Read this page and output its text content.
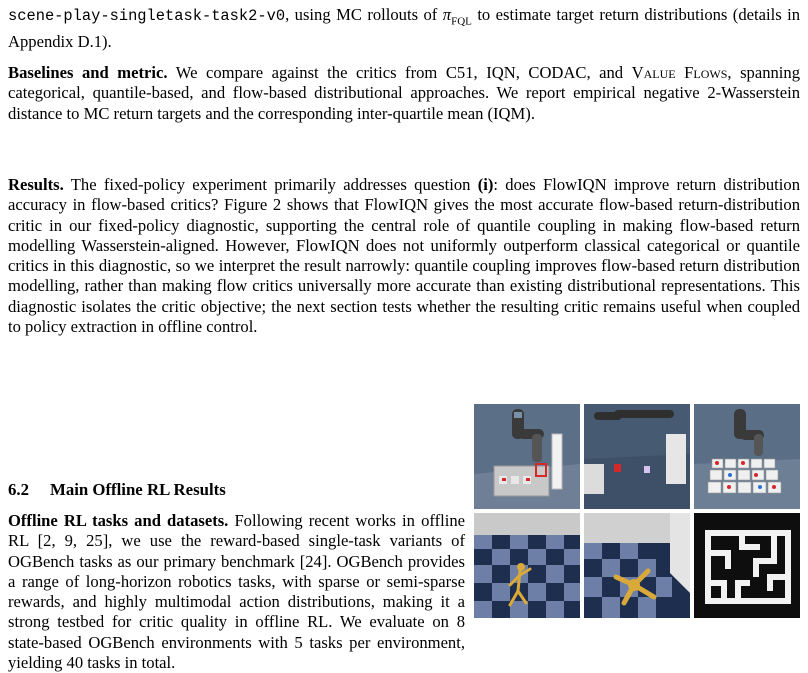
scene-play-singletask-task2-v0, using MC rollouts of $\pi_{FQL}$ to estimate target return distributions (details in Appendix D.1).

Baselines and metric. We compare against the critics from C51, IQN, CODAC, and Value Flows, spanning categorical, quantile-based, and flow-based distributional approaches. We report empirical negative 2-Wasserstein distance to MC return targets and the corresponding inter-quartile mean (IQM).

Results. The fixed-policy experiment primarily addresses question (i): does FlowIQN improve return distribution accuracy in flow-based critics? Figure 2 shows that FlowIQN gives the most accurate flow-based return-distribution critic in our fixed-policy diagnostic, supporting the central role of quantile coupling in making flow-based return modelling Wasserstein-aligned. However, FlowIQN does not uniformly outperform classical categorical or quantile critics in this diagnostic, so we interpret the result narrowly: quantile coupling improves flow-based return distribution modelling, rather than making flow critics universally more accurate than existing distributional representations. This diagnostic isolates the critic objective; the next section tests whether the resulting critic remains useful when coupled to policy extraction in offline control.

6.2 Main Offline RL Results

Offline RL tasks and datasets. Following recent works in offline RL [2, 9, 25], we use the reward-based single-task variants of OGBench tasks as our primary benchmark [24]. OGBench provides a range of long-horizon robotics tasks, with sparse or semi-sparse rewards, and highly multimodal action distributions, making it a strong testbed for critic quality in offline RL. We evaluate on 8 state-based OGBench environments with 5 tasks per environment, yielding 40 tasks in total.
